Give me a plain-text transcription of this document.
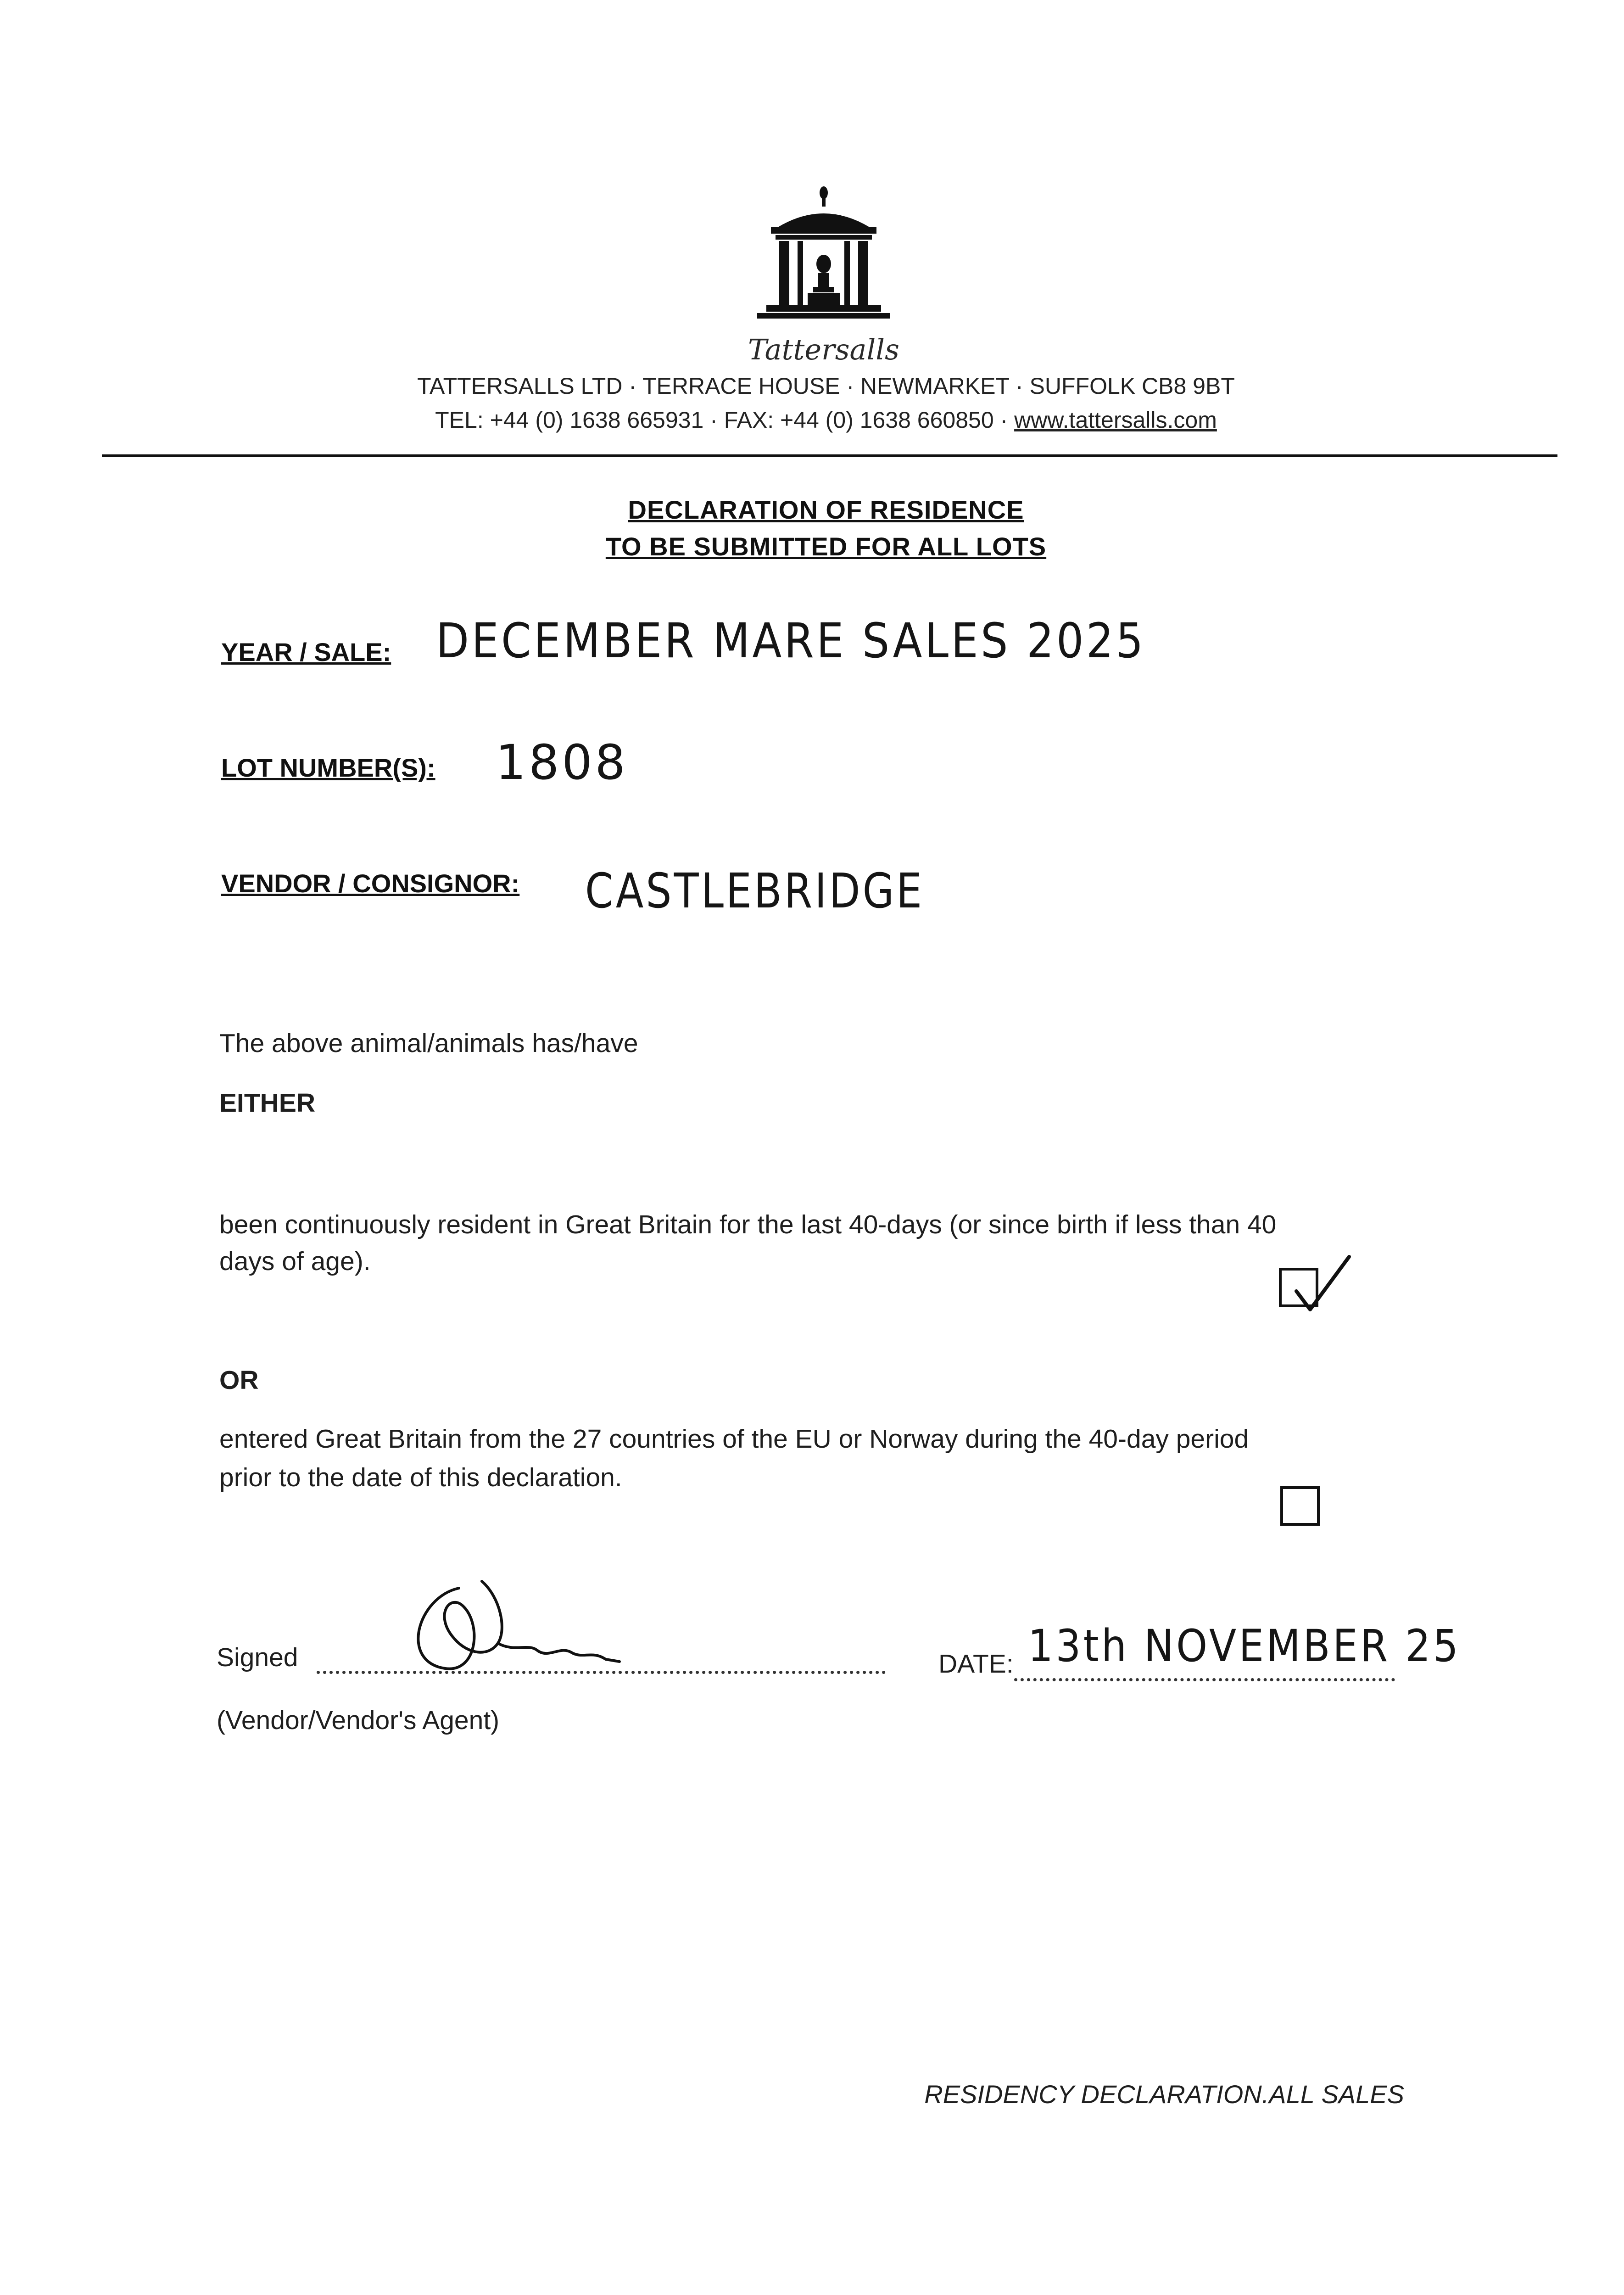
Tattersalls
TATTERSALLS LTD · TERRACE HOUSE · NEWMARKET · SUFFOLK CB8 9BT
TEL: +44 (0) 1638 665931 · FAX: +44 (0) 1638 660850 · www.tattersalls.com
DECLARATION OF RESIDENCE
TO BE SUBMITTED FOR ALL LOTS
YEAR / SALE: DECEMBER MARE SALES 2025
LOT NUMBER(S): 1808
VENDOR / CONSIGNOR: CASTLEBRIDGE
The above animal/animals has/have
EITHER
been continuously resident in Great Britain for the last 40-days (or since birth if less than 40
days of age).
OR
entered Great Britain from the 27 countries of the EU or Norway during the 40-day period
prior to the date of this declaration.
Signed
(Vendor/Vendor's Agent)
DATE: 13th NOVEMBER 25
RESIDENCY DECLARATION.ALL SALES
